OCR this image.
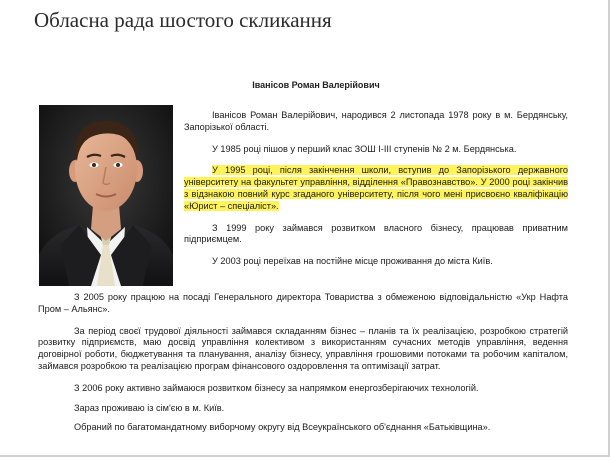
Обласна рада шостого скликання
Іванісов Роман Валерійович

Іванісов Роман Валерійович, народився 2 листопада 1978 року в м. Бердянську, Запорізької області.

У 1985 році пішов у перший клас ЗОШ І-ІІІ ступенів № 2 м. Бердянська.

У 1995 році, після закінчення школи, вступив до Запорізького державного університету на факультет управління, відділення «Правознавство». У 2000 році закінчив з відзнакою повний курс згаданого університету, після чого мені присвоєно кваліфікацію «Юрист – спеціаліст».

З 1999 року займався розвитком власного бізнесу, працював приватним підприємцем.

У 2003 році переїхав на постійне місце проживання до міста Київ.

З 2005 року працюю на посаді Генерального директора Товариства з обмеженою відповідальністю «Укр Нафта Пром – Альянс».

За період своєї трудової діяльності займався складанням бізнес – планів та їх реалізацією, розробкою стратегій розвитку підприємств, маю досвід управління колективом з використанням сучасних методів управління, ведення договірної роботи, бюджетування та планування, аналізу бізнесу, управління грошовими потоками та робочим капіталом, займався розробкою та реалізацією програм фінансового оздоровлення та оптимізації затрат.

З 2006 року активно займаюся розвитком бізнесу за напрямком енергозберігаючих технологій.

Зараз проживаю із сім'єю в м. Київ.

Обраний по багатомандатному виборчому округу від Всеукраїнського об'єднання «Батьківщина».
